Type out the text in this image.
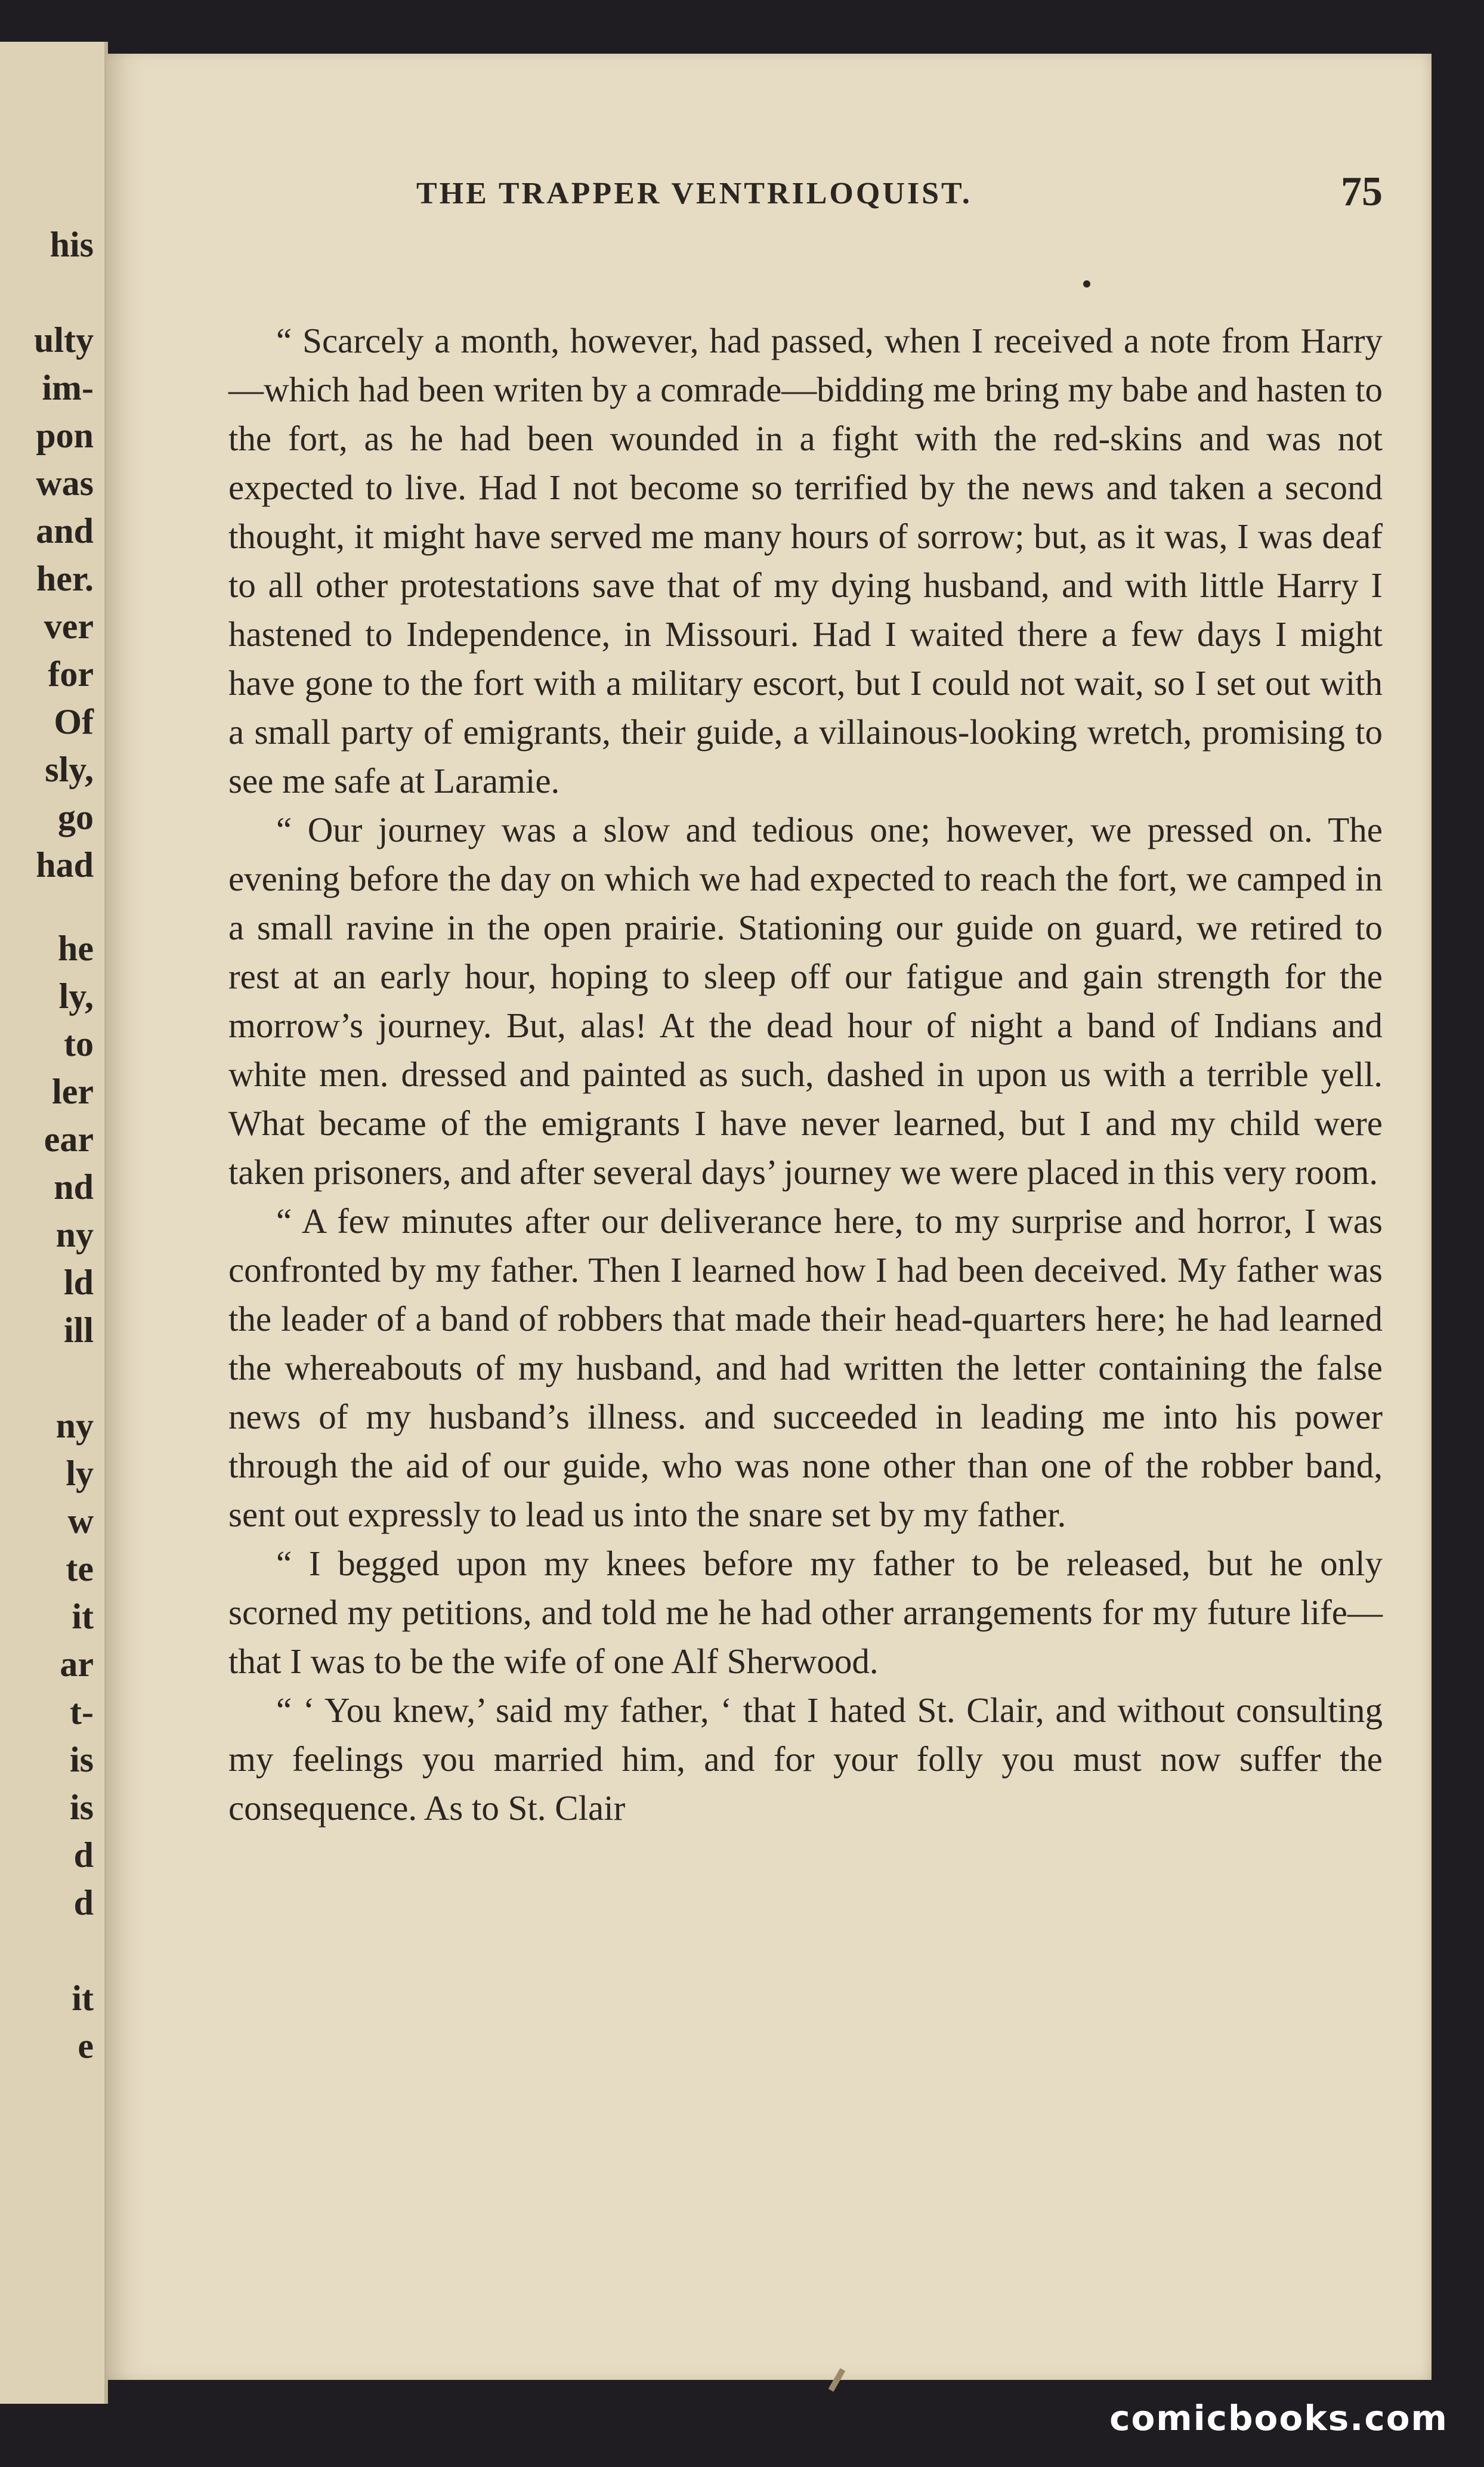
his
ulty
im-
pon
was
and
her.
ver
for
Of
sly,
go
had
he
ly,
to
ler
ear
nd
ny
ld
ill
ny
ly
w
te
it
ar
t-
is
is
d
d
it
e
THE TRAPPER VENTRILOQUIST.	75

“ Scarcely a month, however, had passed, when I received a note from Harry—which had been writen by a comrade—bidding me bring my babe and hasten to the fort, as he had been wounded in a fight with the red-skins and was not expected to live. Had I not become so terrified by the news and taken a second thought, it might have served me many hours of sorrow; but, as it was, I was deaf to all other protestations save that of my dying husband, and with little Harry I hastened to Independence, in Missouri. Had I waited there a few days I might have gone to the fort with a military escort, but I could not wait, so I set out with a small party of emigrants, their guide, a villainous-looking wretch, promising to see me safe at Laramie.

“ Our journey was a slow and tedious one; however, we pressed on. The evening before the day on which we had expected to reach the fort, we camped in a small ravine in the open prairie. Stationing our guide on guard, we retired to rest at an early hour, hoping to sleep off our fatigue and gain strength for the morrow’s journey. But, alas! At the dead hour of night a band of Indians and white men. dressed and painted as such, dashed in upon us with a terrible yell. What became of the emigrants I have never learned, but I and my child were taken prisoners, and after several days’ journey we were placed in this very room.

“ A few minutes after our deliverance here, to my surprise and horror, I was confronted by my father. Then I learned how I had been deceived. My father was the leader of a band of robbers that made their head-quarters here; he had learned the whereabouts of my husband, and had written the letter containing the false news of my husband’s illness. and succeeded in leading me into his power through the aid of our guide, who was none other than one of the robber band, sent out expressly to lead us into the snare set by my father.

“ I begged upon my knees before my father to be released, but he only scorned my petitions, and told me he had other arrangements for my future life—that I was to be the wife of one Alf Sherwood.

“ ‘ You knew,’ said my father, ‘ that I hated St. Clair, and without consulting my feelings you married him, and for your folly you must now suffer the consequence. As to St. Clair

comicbooks.com
